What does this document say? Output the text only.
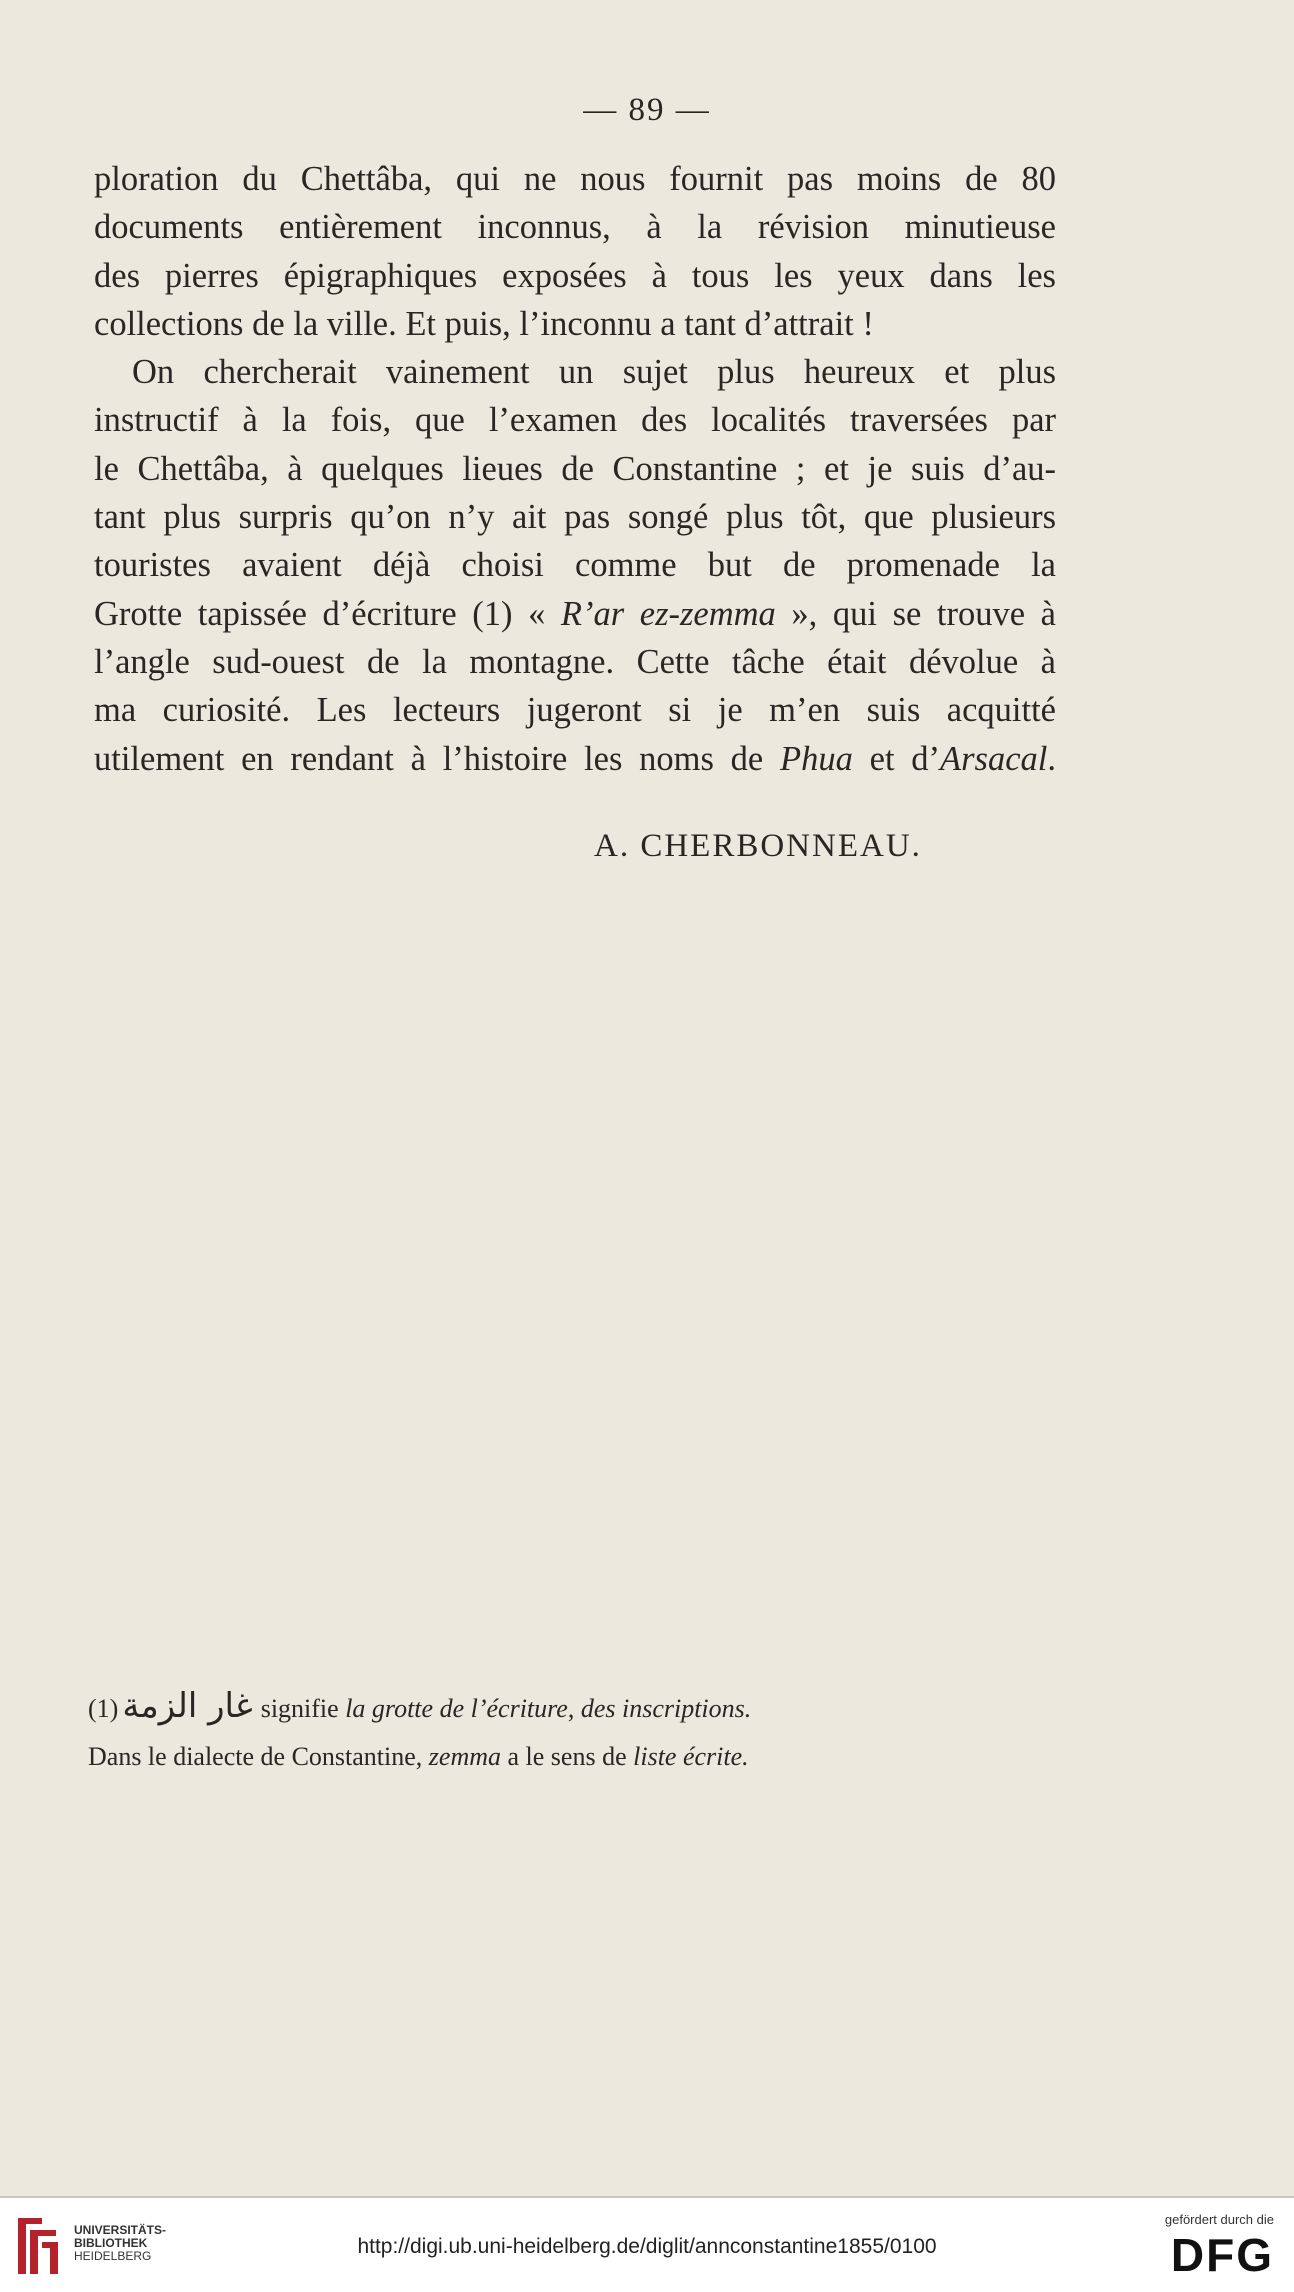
— 89 —
ploration du Chettâba, qui ne nous fournit pas moins de 80
documents entièrement inconnus, à la révision minutieuse
des pierres épigraphiques exposées à tous les yeux dans les
collections de la ville. Et puis, l’inconnu a tant d’attrait !
On chercherait vainement un sujet plus heureux et plus
instructif à la fois, que l’examen des localités traversées par
le Chettâba, à quelques lieues de Constantine ; et je suis d’au-
tant plus surpris qu’on n’y ait pas songé plus tôt, que plusieurs
touristes avaient déjà choisi comme but de promenade la
Grotte tapissée d’écriture (1) « R’ar ez-zemma », qui se trouve à
l’angle sud-ouest de la montagne. Cette tâche était dévolue à
ma curiosité. Les lecteurs jugeront si je m’en suis acquitté
utilement en rendant à l’histoire les noms de Phua et d’Arsacal.
A. CHERBONNEAU.
(1) غار الزمة signifie la grotte de l’écriture, des inscriptions.
Dans le dialecte de Constantine, zemma a le sens de liste écrite.
UNIVERSITÄTS-
BIBLIOTHEK
HEIDELBERG	http://digi.ub.uni-heidelberg.de/diglit/annconstantine1855/0100
gefördert durch die
DFG
